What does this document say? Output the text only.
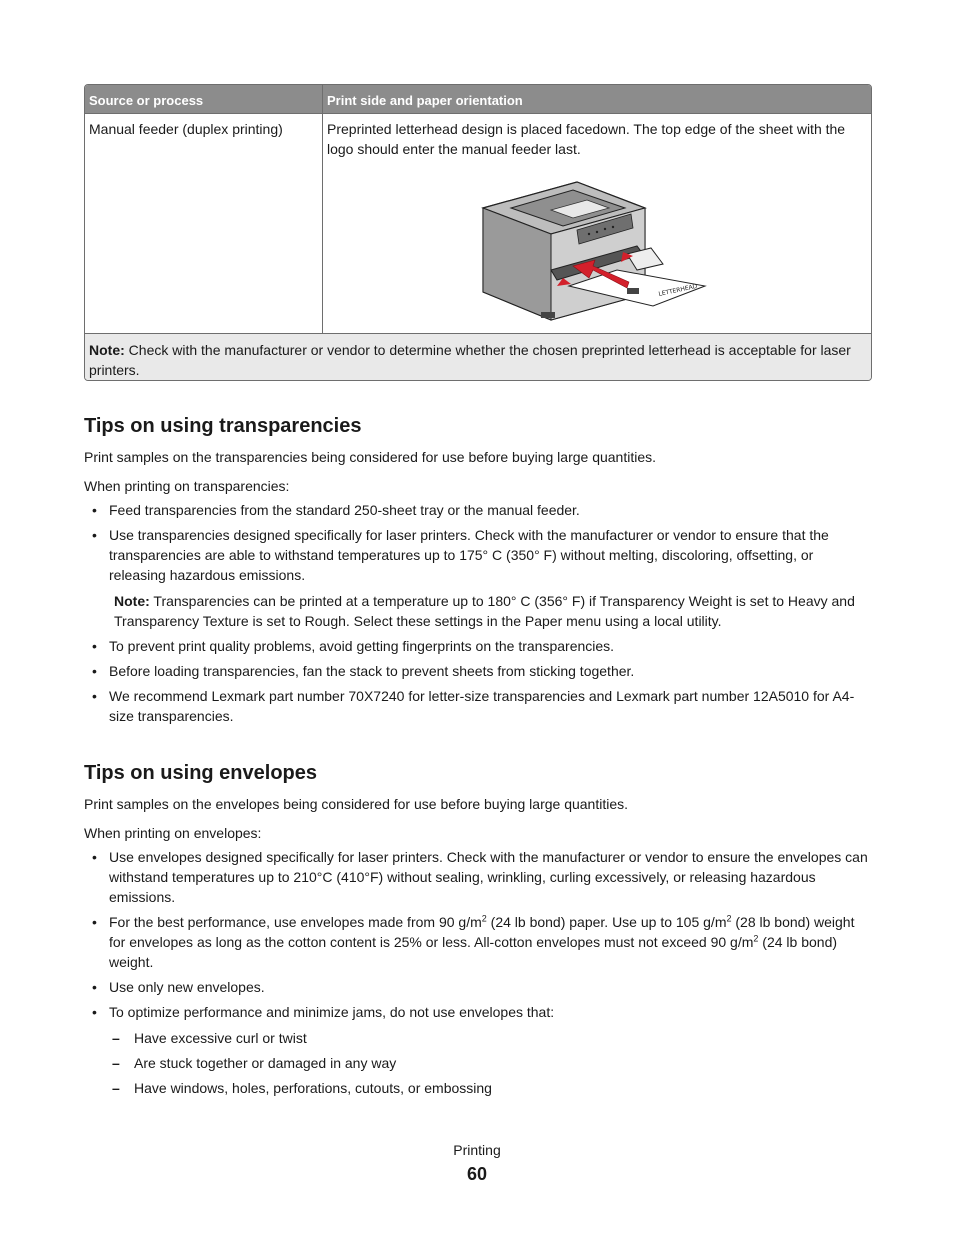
Source or process	Print side and paper orientation
Manual feeder (duplex printing)	Preprinted letterhead design is placed facedown. The top edge of the sheet with the logo should enter the manual feeder last.
LETTERHEAD
Note: Check with the manufacturer or vendor to determine whether the chosen preprinted letterhead is acceptable for laser printers.
Tips on using transparencies

Print samples on the transparencies being considered for use before buying large quantities.

When printing on transparencies:

• Feed transparencies from the standard 250-sheet tray or the manual feeder.
• Use transparencies designed specifically for laser printers. Check with the manufacturer or vendor to ensure that the transparencies are able to withstand temperatures up to 175° C (350° F) without melting, discoloring, offsetting, or releasing hazardous emissions.

Note: Transparencies can be printed at a temperature up to 180° C (356° F) if Transparency Weight is set to Heavy and Transparency Texture is set to Rough. Select these settings in the Paper menu using a local utility.

• To prevent print quality problems, avoid getting fingerprints on the transparencies.
• Before loading transparencies, fan the stack to prevent sheets from sticking together.
• We recommend Lexmark part number 70X7240 for letter-size transparencies and Lexmark part number 12A5010 for A4-size transparencies.
Tips on using envelopes

Print samples on the envelopes being considered for use before buying large quantities.

When printing on envelopes:

• Use envelopes designed specifically for laser printers. Check with the manufacturer or vendor to ensure the envelopes can withstand temperatures up to 210°C (410°F) without sealing, wrinkling, curling excessively, or releasing hazardous emissions.
• For the best performance, use envelopes made from 90 $g/m^2$ (24 lb bond) paper. Use up to 105 $g/m^2$ (28 lb bond) weight for envelopes as long as the cotton content is 25% or less. All-cotton envelopes must not exceed 90 $g/m^2$ (24 lb bond) weight.
• Use only new envelopes.
• To optimize performance and minimize jams, do not use envelopes that:
– Have excessive curl or twist
– Are stuck together or damaged in any way
– Have windows, holes, perforations, cutouts, or embossing
Printing
60
